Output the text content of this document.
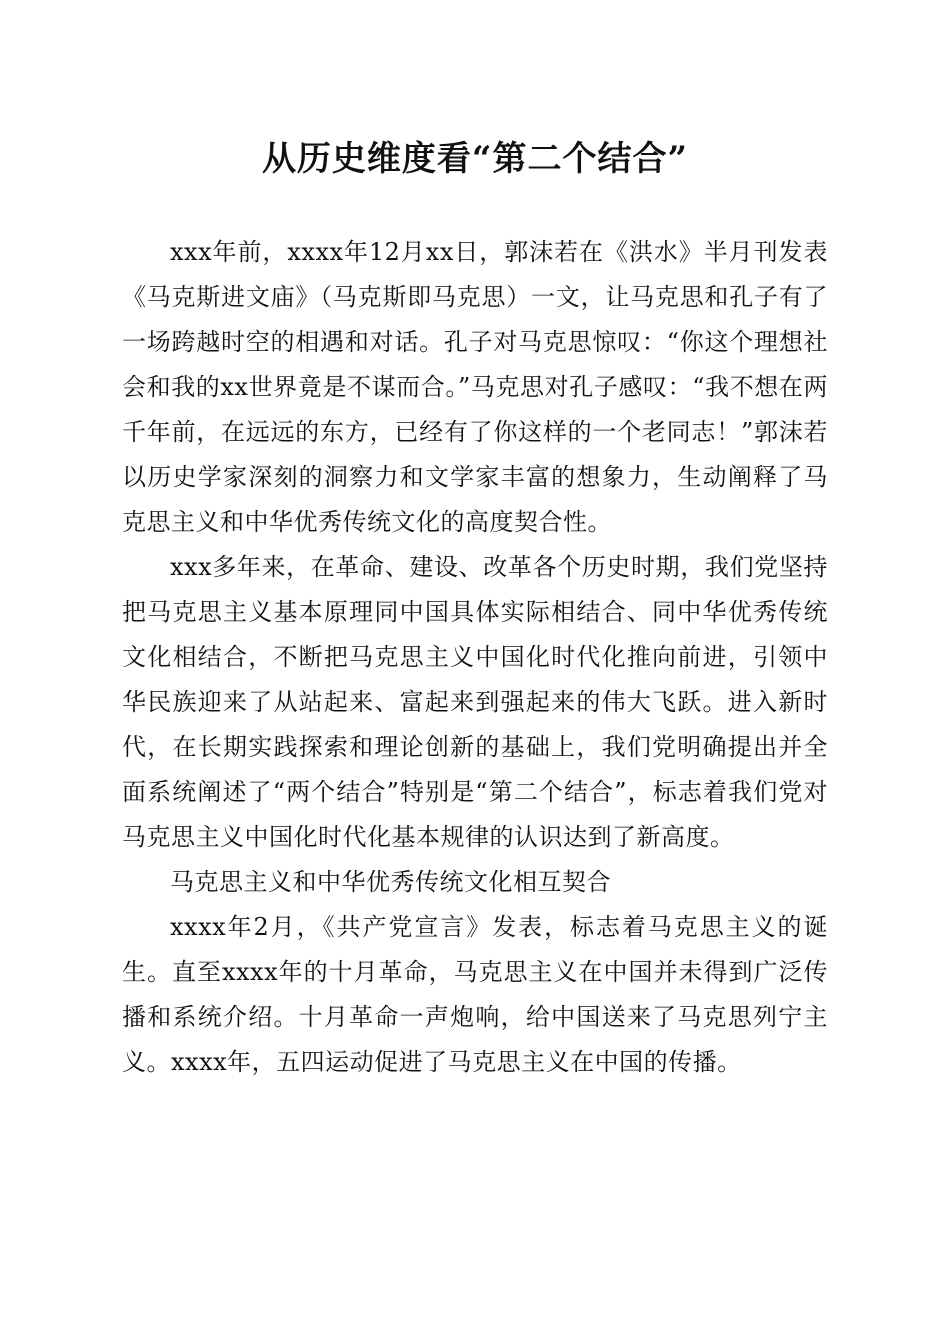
从历史维度看“第二个结合”

xxx年前，xxxx年12月xx日，郭沫若在《洪水》半月刊发表《马克斯进文庙》（马克斯即马克思）一文，让马克思和孔子有了一场跨越时空的相遇和对话。孔子对马克思惊叹：“你这个理想社会和我的xx世界竟是不谋而合。”马克思对孔子感叹：“我不想在两千年前，在远远的东方，已经有了你这样的一个老同志！”郭沫若以历史学家深刻的洞察力和文学家丰富的想象力，生动阐释了马克思主义和中华优秀传统文化的高度契合性。

xxx多年来，在革命、建设、改革各个历史时期，我们党坚持把马克思主义基本原理同中国具体实际相结合、同中华优秀传统文化相结合，不断把马克思主义中国化时代化推向前进，引领中华民族迎来了从站起来、富起来到强起来的伟大飞跃。进入新时代，在长期实践探索和理论创新的基础上，我们党明确提出并全面系统阐述了“两个结合”特别是“第二个结合”，标志着我们党对马克思主义中国化时代化基本规律的认识达到了新高度。

马克思主义和中华优秀传统文化相互契合

xxxx年2月，《共产党宣言》发表，标志着马克思主义的诞生。直至xxxx年的十月革命，马克思主义在中国并未得到广泛传播和系统介绍。十月革命一声炮响，给中国送来了马克思列宁主义。xxxx年，五四运动促进了马克思主义在中国的传播。
